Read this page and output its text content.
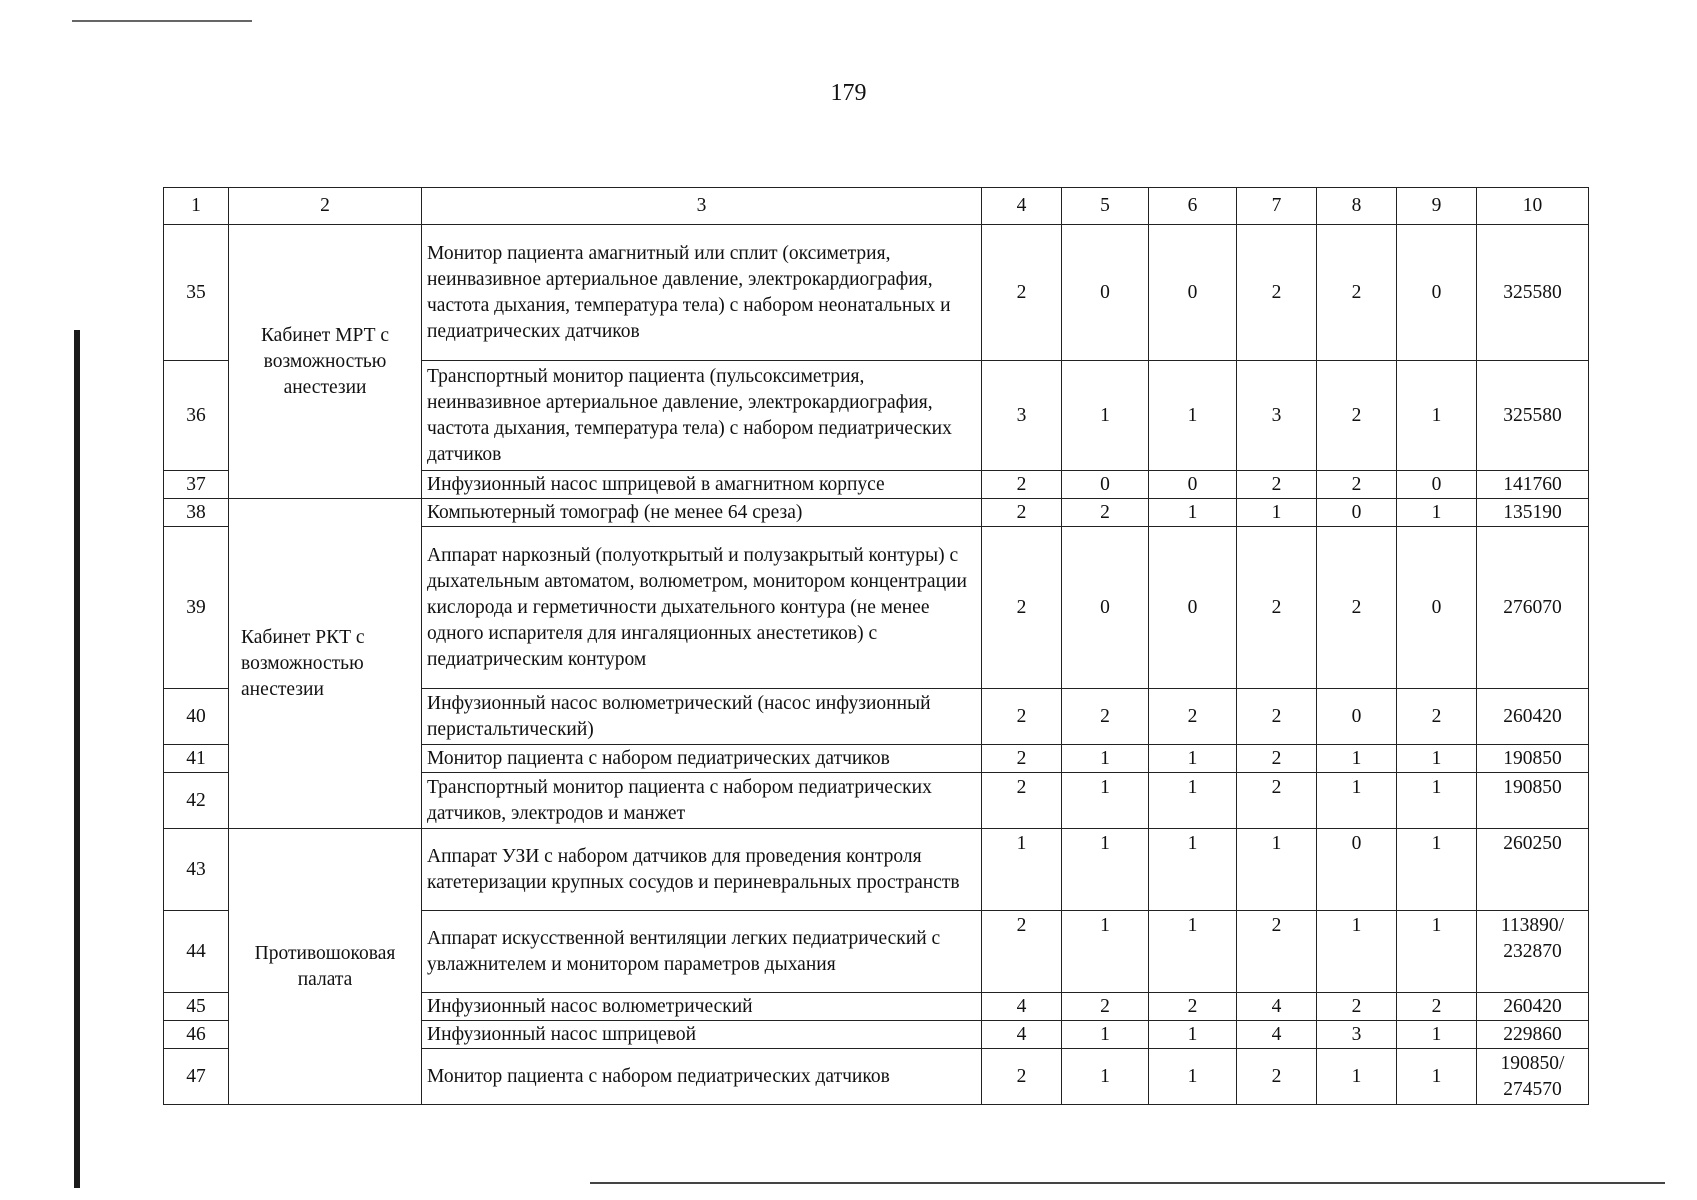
179
1	2	3	4	5	6	7	8	9	10
35	Кабинет МРТ с возможностью анестезии	Монитор пациента амагнитный или сплит (оксиметрия, неинвазивное артериальное давление, электрокардиография, частота дыхания, температура тела) с набором неонатальных и педиатрических датчиков	2	0	0	2	2	0	325580
36		Транспортный монитор пациента (пульсоксиметрия, неинвазивное артериальное давление, электрокардиография, частота дыхания, температура тела) с набором педиатрических датчиков	3	1	1	3	2	1	325580
37		Инфузионный насос шприцевой в амагнитном корпусе	2	0	0	2	2	0	141760
38	Кабинет РКТ с возможностью анестезии	Компьютерный томограф (не менее 64 среза)	2	2	1	1	0	1	135190
39		Аппарат наркозный (полуоткрытый и полузакрытый контуры) с дыхательным автоматом, волюметром, монитором концентрации кислорода и герметичности дыхательного контура (не менее одного испарителя для ингаляционных анестетиков) с педиатрическим контуром	2	0	0	2	2	0	276070
40		Инфузионный насос волюметрический (насос инфузионный перистальтический)	2	2	2	2	0	2	260420
41		Монитор пациента с набором педиатрических датчиков	2	1	1	2	1	1	190850
42		Транспортный монитор пациента с набором педиатрических датчиков, электродов и манжет	2	1	1	2	1	1	190850
43	Противошоковая палата	Аппарат УЗИ с набором датчиков для проведения контроля катетеризации крупных сосудов и периневральных пространств	1	1	1	1	0	1	260250
44		Аппарат искусственной вентиляции легких педиатрический с увлажнителем и монитором параметров дыхания	2	1	1	2	1	1	113890/ 232870
45		Инфузионный насос волюметрический	4	2	2	4	2	2	260420
46		Инфузионный насос шприцевой	4	1	1	4	3	1	229860
47		Монитор пациента с набором педиатрических датчиков	2	1	1	2	1	1	190850/ 274570
